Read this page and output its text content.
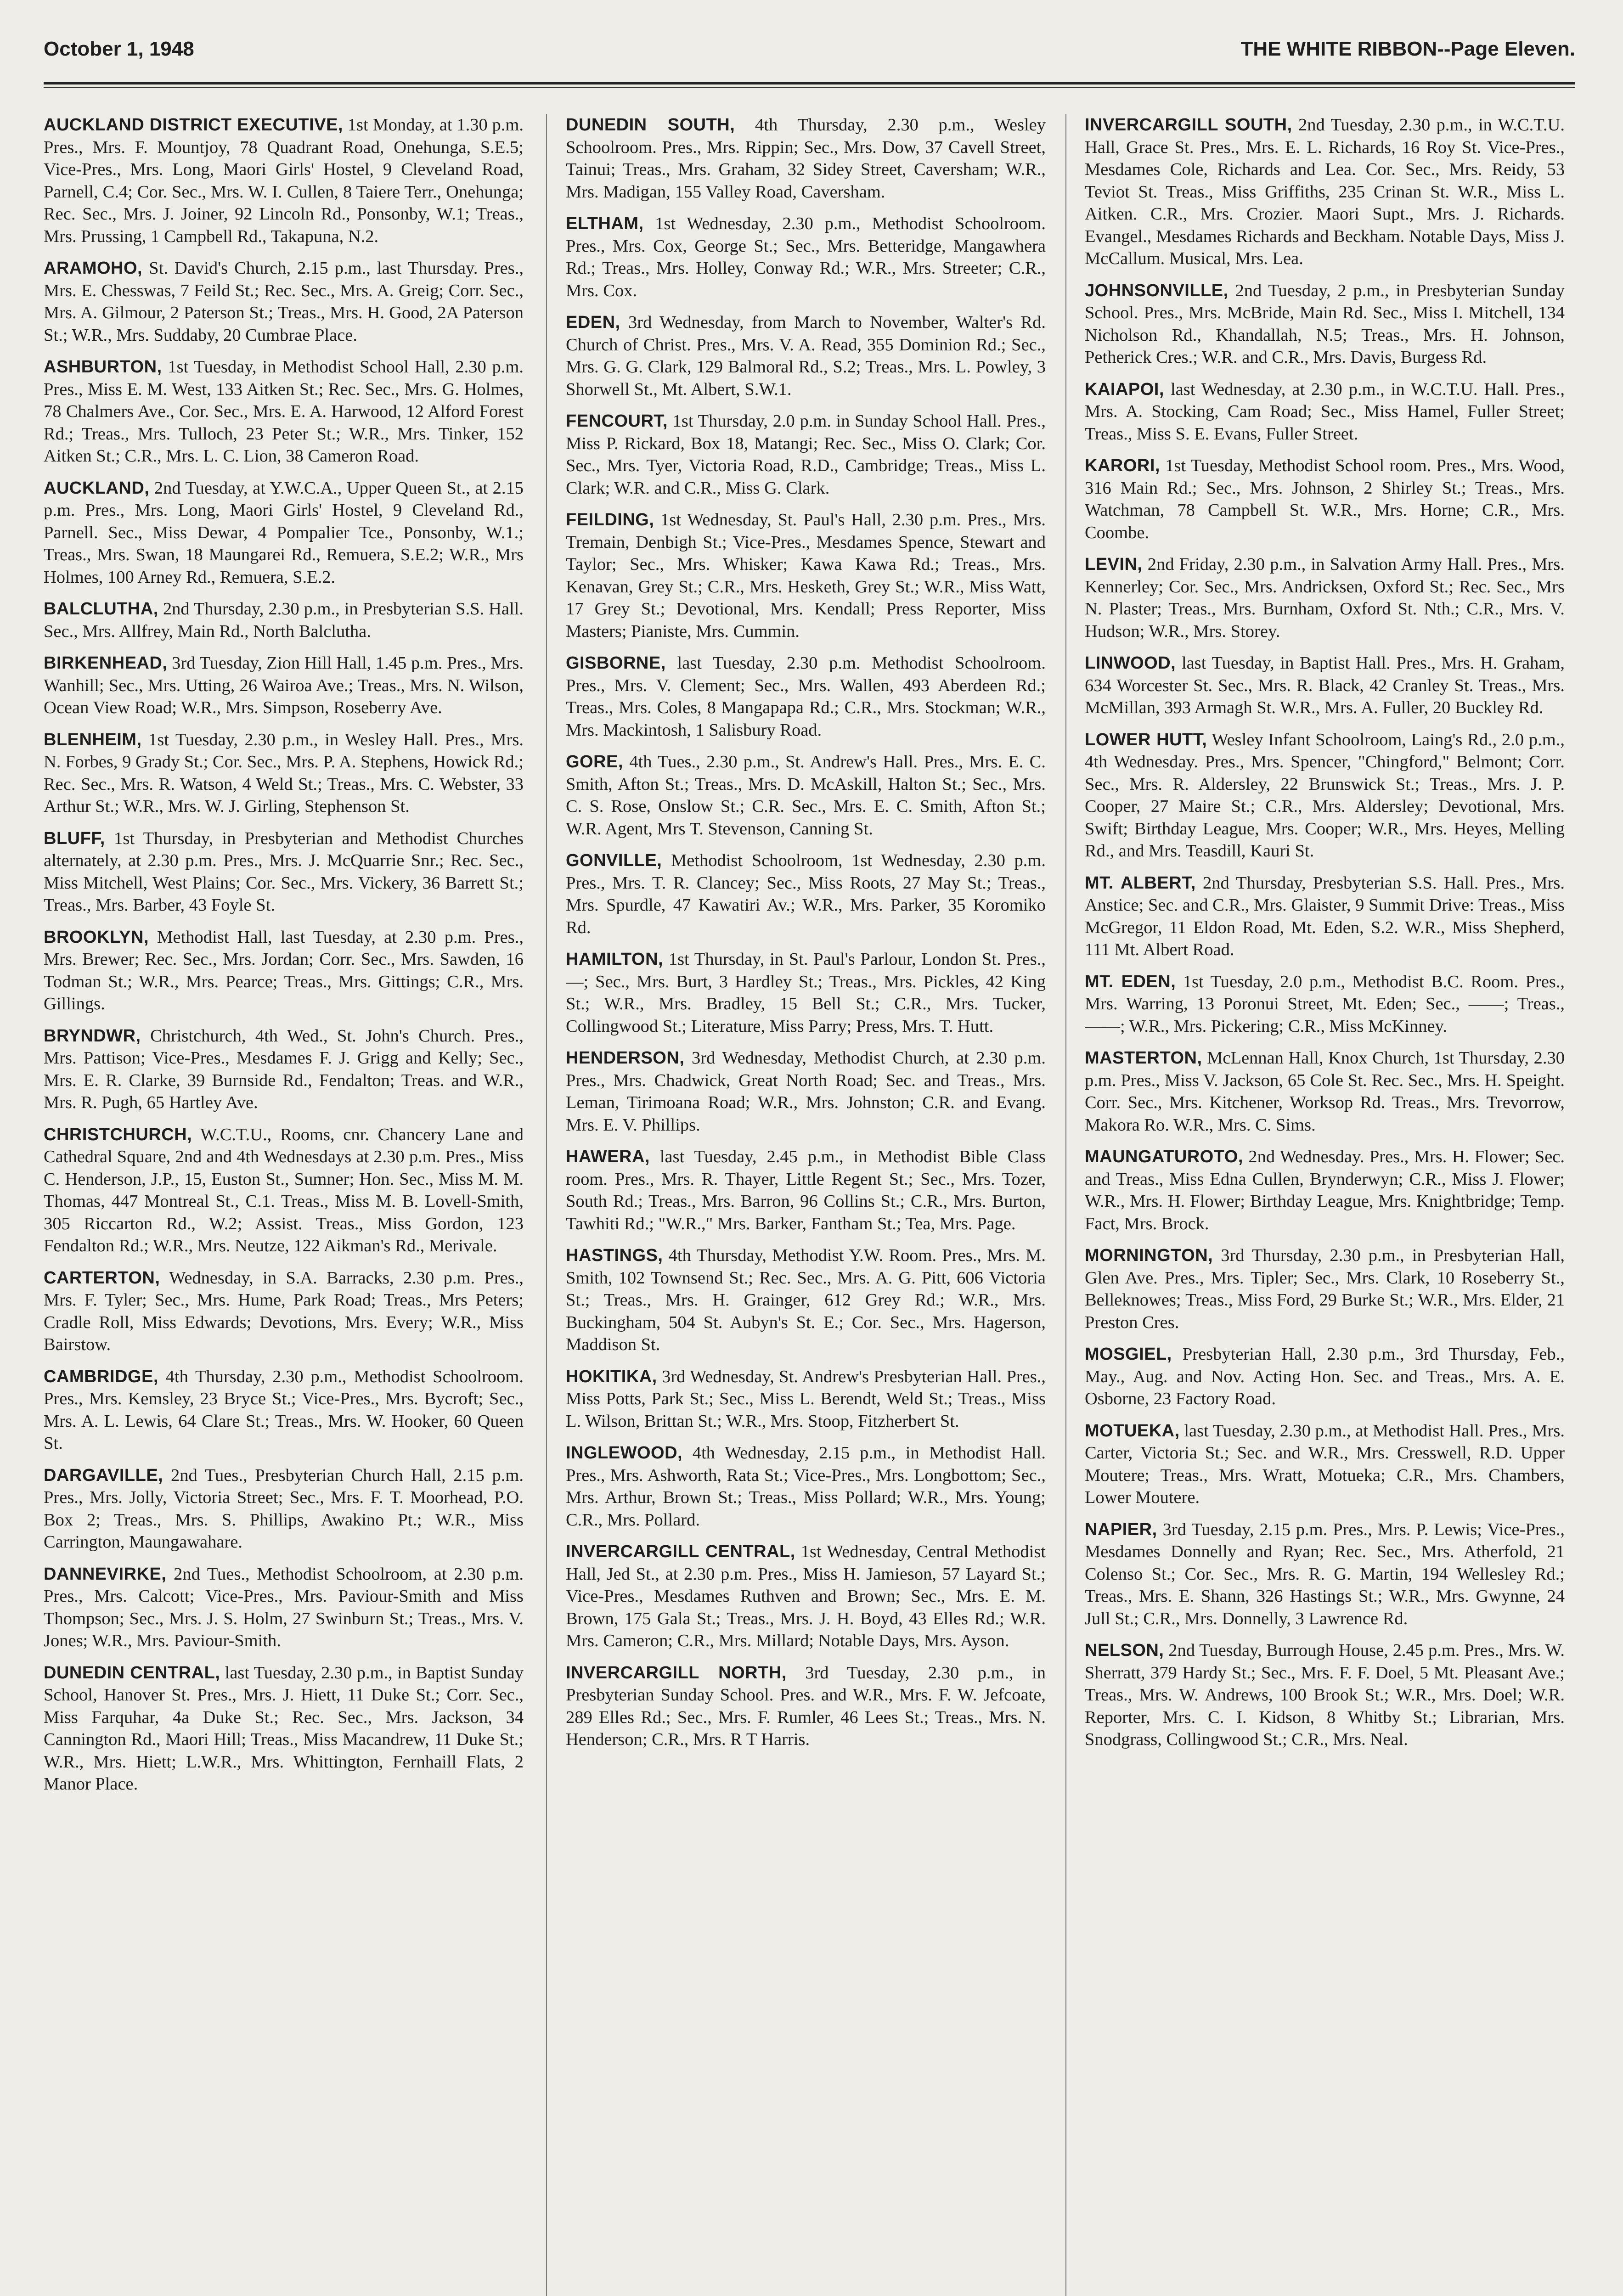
October 1, 1948	THE WHITE RIBBON--Page Eleven.

AUCKLAND DISTRICT EXECUTIVE, 1st Monday, at 1.30 p.m. Pres., Mrs. F. Mountjoy, 78 Quadrant Road, Onehunga, S.E.5; Vice-Pres., Mrs. Long, Maori Girls' Hostel, 9 Cleveland Road, Parnell, C.4; Cor. Sec., Mrs. W. I. Cullen, 8 Taiere Terr., Onehunga; Rec. Sec., Mrs. J. Joiner, 92 Lincoln Rd., Ponsonby, W.1; Treas., Mrs. Prussing, 1 Campbell Rd., Takapuna, N.2.

ARAMOHO, St. David's Church, 2.15 p.m., last Thursday. Pres., Mrs. E. Chesswas, 7 Feild St.; Rec. Sec., Mrs. A. Greig; Corr. Sec., Mrs. A. Gilmour, 2 Paterson St.; Treas., Mrs. H. Good, 2A Paterson St.; W.R., Mrs. Suddaby, 20 Cumbrae Place.

ASHBURTON, 1st Tuesday, in Methodist School Hall, 2.30 p.m. Pres., Miss E. M. West, 133 Aitken St.; Rec. Sec., Mrs. G. Holmes, 78 Chalmers Ave., Cor. Sec., Mrs. E. A. Harwood, 12 Alford Forest Rd.; Treas., Mrs. Tulloch, 23 Peter St.; W.R., Mrs. Tinker, 152 Aitken St.; C.R., Mrs. L. C. Lion, 38 Cameron Road.

AUCKLAND, 2nd Tuesday, at Y.W.C.A., Upper Queen St., at 2.15 p.m. Pres., Mrs. Long, Maori Girls' Hostel, 9 Cleveland Rd., Parnell. Sec., Miss Dewar, 4 Pompalier Tce., Ponsonby, W.1.; Treas., Mrs. Swan, 18 Maungarei Rd., Remuera, S.E.2; W.R., Mrs Holmes, 100 Arney Rd., Remuera, S.E.2.

BALCLUTHA, 2nd Thursday, 2.30 p.m., in Presbyterian S.S. Hall. Sec., Mrs. Allfrey, Main Rd., North Balclutha.

BIRKENHEAD, 3rd Tuesday, Zion Hill Hall, 1.45 p.m. Pres., Mrs. Wanhill; Sec., Mrs. Utting, 26 Wairoa Ave.; Treas., Mrs. N. Wilson, Ocean View Road; W.R., Mrs. Simpson, Roseberry Ave.

BLENHEIM, 1st Tuesday, 2.30 p.m., in Wesley Hall. Pres., Mrs. N. Forbes, 9 Grady St.; Cor. Sec., Mrs. P. A. Stephens, Howick Rd.; Rec. Sec., Mrs. R. Watson, 4 Weld St.; Treas., Mrs. C. Webster, 33 Arthur St.; W.R., Mrs. W. J. Girling, Stephenson St.

BLUFF, 1st Thursday, in Presbyterian and Methodist Churches alternately, at 2.30 p.m. Pres., Mrs. J. McQuarrie Snr.; Rec. Sec., Miss Mitchell, West Plains; Cor. Sec., Mrs. Vickery, 36 Barrett St.; Treas., Mrs. Barber, 43 Foyle St.

BROOKLYN, Methodist Hall, last Tuesday, at 2.30 p.m. Pres., Mrs. Brewer; Rec. Sec., Mrs. Jordan; Corr. Sec., Mrs. Sawden, 16 Todman St.; W.R., Mrs. Pearce; Treas., Mrs. Gittings; C.R., Mrs. Gillings.

BRYNDWR, Christchurch, 4th Wed., St. John's Church. Pres., Mrs. Pattison; Vice-Pres., Mesdames F. J. Grigg and Kelly; Sec., Mrs. E. R. Clarke, 39 Burnside Rd., Fendalton; Treas. and W.R., Mrs. R. Pugh, 65 Hartley Ave.

CHRISTCHURCH, W.C.T.U., Rooms, cnr. Chancery Lane and Cathedral Square, 2nd and 4th Wednesdays at 2.30 p.m. Pres., Miss C. Henderson, J.P., 15, Euston St., Sumner; Hon. Sec., Miss M. M. Thomas, 447 Montreal St., C.1. Treas., Miss M. B. Lovell-Smith, 305 Riccarton Rd., W.2; Assist. Treas., Miss Gordon, 123 Fendalton Rd.; W.R., Mrs. Neutze, 122 Aikman's Rd., Merivale.

CARTERTON, Wednesday, in S.A. Barracks, 2.30 p.m. Pres., Mrs. F. Tyler; Sec., Mrs. Hume, Park Road; Treas., Mrs Peters; Cradle Roll, Miss Edwards; Devotions, Mrs. Every; W.R., Miss Bairstow.

CAMBRIDGE, 4th Thursday, 2.30 p.m., Methodist Schoolroom. Pres., Mrs. Kemsley, 23 Bryce St.; Vice-Pres., Mrs. Bycroft; Sec., Mrs. A. L. Lewis, 64 Clare St.; Treas., Mrs. W. Hooker, 60 Queen St.

DARGAVILLE, 2nd Tues., Presbyterian Church Hall, 2.15 p.m. Pres., Mrs. Jolly, Victoria Street; Sec., Mrs. F. T. Moorhead, P.O. Box 2; Treas., Mrs. S. Phillips, Awakino Pt.; W.R., Miss Carrington, Maungawahare.

DANNEVIRKE, 2nd Tues., Methodist Schoolroom, at 2.30 p.m. Pres., Mrs. Calcott; Vice-Pres., Mrs. Paviour-Smith and Miss Thompson; Sec., Mrs. J. S. Holm, 27 Swinburn St.; Treas., Mrs. V. Jones; W.R., Mrs. Paviour-Smith.

DUNEDIN CENTRAL, last Tuesday, 2.30 p.m., in Baptist Sunday School, Hanover St. Pres., Mrs. J. Hiett, 11 Duke St.; Corr. Sec., Miss Farquhar, 4a Duke St.; Rec. Sec., Mrs. Jackson, 34 Cannington Rd., Maori Hill; Treas., Miss Macandrew, 11 Duke St.; W.R., Mrs. Hiett; L.W.R., Mrs. Whittington, Fernhaill Flats, 2 Manor Place.

DUNEDIN SOUTH, 4th Thursday, 2.30 p.m., Wesley Schoolroom. Pres., Mrs. Rippin; Sec., Mrs. Dow, 37 Cavell Street, Tainui; Treas., Mrs. Graham, 32 Sidey Street, Caversham; W.R., Mrs. Madigan, 155 Valley Road, Caversham.

ELTHAM, 1st Wednesday, 2.30 p.m., Methodist Schoolroom. Pres., Mrs. Cox, George St.; Sec., Mrs. Betteridge, Mangawhera Rd.; Treas., Mrs. Holley, Conway Rd.; W.R., Mrs. Streeter; C.R., Mrs. Cox.

EDEN, 3rd Wednesday, from March to November, Walter's Rd. Church of Christ. Pres., Mrs. V. A. Read, 355 Dominion Rd.; Sec., Mrs. G. G. Clark, 129 Balmoral Rd., S.2; Treas., Mrs. L. Powley, 3 Shorwell St., Mt. Albert, S.W.1.

FENCOURT, 1st Thursday, 2.0 p.m. in Sunday School Hall. Pres., Miss P. Rickard, Box 18, Matangi; Rec. Sec., Miss O. Clark; Cor. Sec., Mrs. Tyer, Victoria Road, R.D., Cambridge; Treas., Miss L. Clark; W.R. and C.R., Miss G. Clark.

FEILDING, 1st Wednesday, St. Paul's Hall, 2.30 p.m. Pres., Mrs. Tremain, Denbigh St.; Vice-Pres., Mesdames Spence, Stewart and Taylor; Sec., Mrs. Whisker; Kawa Kawa Rd.; Treas., Mrs. Kenavan, Grey St.; C.R., Mrs. Hesketh, Grey St.; W.R., Miss Watt, 17 Grey St.; Devotional, Mrs. Kendall; Press Reporter, Miss Masters; Pianiste, Mrs. Cummin.

GISBORNE, last Tuesday, 2.30 p.m. Methodist Schoolroom. Pres., Mrs. V. Clement; Sec., Mrs. Wallen, 493 Aberdeen Rd.; Treas., Mrs. Coles, 8 Mangapapa Rd.; C.R., Mrs. Stockman; W.R., Mrs. Mackintosh, 1 Salisbury Road.

GORE, 4th Tues., 2.30 p.m., St. Andrew's Hall. Pres., Mrs. E. C. Smith, Afton St.; Treas., Mrs. D. McAskill, Halton St.; Sec., Mrs. C. S. Rose, Onslow St.; C.R. Sec., Mrs. E. C. Smith, Afton St.; W.R. Agent, Mrs T. Stevenson, Canning St.

GONVILLE, Methodist Schoolroom, 1st Wednesday, 2.30 p.m. Pres., Mrs. T. R. Clancey; Sec., Miss Roots, 27 May St.; Treas., Mrs. Spurdle, 47 Kawatiri Av.; W.R., Mrs. Parker, 35 Koromiko Rd.

HAMILTON, 1st Thursday, in St. Paul's Parlour, London St. Pres., —; Sec., Mrs. Burt, 3 Hardley St.; Treas., Mrs. Pickles, 42 King St.; W.R., Mrs. Bradley, 15 Bell St.; C.R., Mrs. Tucker, Collingwood St.; Literature, Miss Parry; Press, Mrs. T. Hutt.

HENDERSON, 3rd Wednesday, Methodist Church, at 2.30 p.m. Pres., Mrs. Chadwick, Great North Road; Sec. and Treas., Mrs. Leman, Tirimoana Road; W.R., Mrs. Johnston; C.R. and Evang. Mrs. E. V. Phillips.

HAWERA, last Tuesday, 2.45 p.m., in Methodist Bible Class room. Pres., Mrs. R. Thayer, Little Regent St.; Sec., Mrs. Tozer, South Rd.; Treas., Mrs. Barron, 96 Collins St.; C.R., Mrs. Burton, Tawhiti Rd.; "W.R.," Mrs. Barker, Fantham St.; Tea, Mrs. Page.

HASTINGS, 4th Thursday, Methodist Y.W. Room. Pres., Mrs. M. Smith, 102 Townsend St.; Rec. Sec., Mrs. A. G. Pitt, 606 Victoria St.; Treas., Mrs. H. Grainger, 612 Grey Rd.; W.R., Mrs. Buckingham, 504 St. Aubyn's St. E.; Cor. Sec., Mrs. Hagerson, Maddison St.

HOKITIKA, 3rd Wednesday, St. Andrew's Presbyterian Hall. Pres., Miss Potts, Park St.; Sec., Miss L. Berendt, Weld St.; Treas., Miss L. Wilson, Brittan St.; W.R., Mrs. Stoop, Fitzherbert St.

INGLEWOOD, 4th Wednesday, 2.15 p.m., in Methodist Hall. Pres., Mrs. Ashworth, Rata St.; Vice-Pres., Mrs. Longbottom; Sec., Mrs. Arthur, Brown St.; Treas., Miss Pollard; W.R., Mrs. Young; C.R., Mrs. Pollard.

INVERCARGILL CENTRAL, 1st Wednesday, Central Methodist Hall, Jed St., at 2.30 p.m. Pres., Miss H. Jamieson, 57 Layard St.; Vice-Pres., Mesdames Ruthven and Brown; Sec., Mrs. E. M. Brown, 175 Gala St.; Treas., Mrs. J. H. Boyd, 43 Elles Rd.; W.R. Mrs. Cameron; C.R., Mrs. Millard; Notable Days, Mrs. Ayson.

INVERCARGILL NORTH, 3rd Tuesday, 2.30 p.m., in Presbyterian Sunday School. Pres. and W.R., Mrs. F. W. Jefcoate, 289 Elles Rd.; Sec., Mrs. F. Rumler, 46 Lees St.; Treas., Mrs. N. Henderson; C.R., Mrs. R T Harris.

INVERCARGILL SOUTH, 2nd Tuesday, 2.30 p.m., in W.C.T.U. Hall, Grace St. Pres., Mrs. E. L. Richards, 16 Roy St. Vice-Pres., Mesdames Cole, Richards and Lea. Cor. Sec., Mrs. Reidy, 53 Teviot St. Treas., Miss Griffiths, 235 Crinan St. W.R., Miss L. Aitken. C.R., Mrs. Crozier. Maori Supt., Mrs. J. Richards. Evangel., Mesdames Richards and Beckham. Notable Days, Miss J. McCallum. Musical, Mrs. Lea.

JOHNSONVILLE, 2nd Tuesday, 2 p.m., in Presbyterian Sunday School. Pres., Mrs. McBride, Main Rd. Sec., Miss I. Mitchell, 134 Nicholson Rd., Khandallah, N.5; Treas., Mrs. H. Johnson, Petherick Cres.; W.R. and C.R., Mrs. Davis, Burgess Rd.

KAIAPOI, last Wednesday, at 2.30 p.m., in W.C.T.U. Hall. Pres., Mrs. A. Stocking, Cam Road; Sec., Miss Hamel, Fuller Street; Treas., Miss S. E. Evans, Fuller Street.

KARORI, 1st Tuesday, Methodist School room. Pres., Mrs. Wood, 316 Main Rd.; Sec., Mrs. Johnson, 2 Shirley St.; Treas., Mrs. Watchman, 78 Campbell St. W.R., Mrs. Horne; C.R., Mrs. Coombe.

LEVIN, 2nd Friday, 2.30 p.m., in Salvation Army Hall. Pres., Mrs. Kennerley; Cor. Sec., Mrs. Andricksen, Oxford St.; Rec. Sec., Mrs N. Plaster; Treas., Mrs. Burnham, Oxford St. Nth.; C.R., Mrs. V. Hudson; W.R., Mrs. Storey.

LINWOOD, last Tuesday, in Baptist Hall. Pres., Mrs. H. Graham, 634 Worcester St. Sec., Mrs. R. Black, 42 Cranley St. Treas., Mrs. McMillan, 393 Armagh St. W.R., Mrs. A. Fuller, 20 Buckley Rd.

LOWER HUTT, Wesley Infant Schoolroom, Laing's Rd., 2.0 p.m., 4th Wednesday. Pres., Mrs. Spencer, "Chingford," Belmont; Corr. Sec., Mrs. R. Aldersley, 22 Brunswick St.; Treas., Mrs. J. P. Cooper, 27 Maire St.; C.R., Mrs. Aldersley; Devotional, Mrs. Swift; Birthday League, Mrs. Cooper; W.R., Mrs. Heyes, Melling Rd., and Mrs. Teasdill, Kauri St.

MT. ALBERT, 2nd Thursday, Presbyterian S.S. Hall. Pres., Mrs. Anstice; Sec. and C.R., Mrs. Glaister, 9 Summit Drive: Treas., Miss McGregor, 11 Eldon Road, Mt. Eden, S.2. W.R., Miss Shepherd, 111 Mt. Albert Road.

MT. EDEN, 1st Tuesday, 2.0 p.m., Methodist B.C. Room. Pres., Mrs. Warring, 13 Poronui Street, Mt. Eden; Sec., ——; Treas., ——; W.R., Mrs. Pickering; C.R., Miss McKinney.

MASTERTON, McLennan Hall, Knox Church, 1st Thursday, 2.30 p.m. Pres., Miss V. Jackson, 65 Cole St. Rec. Sec., Mrs. H. Speight. Corr. Sec., Mrs. Kitchener, Worksop Rd. Treas., Mrs. Trevorrow, Makora Ro. W.R., Mrs. C. Sims.

MAUNGATUROTO, 2nd Wednesday. Pres., Mrs. H. Flower; Sec. and Treas., Miss Edna Cullen, Brynderwyn; C.R., Miss J. Flower; W.R., Mrs. H. Flower; Birthday League, Mrs. Knightbridge; Temp. Fact, Mrs. Brock.

MORNINGTON, 3rd Thursday, 2.30 p.m., in Presbyterian Hall, Glen Ave. Pres., Mrs. Tipler; Sec., Mrs. Clark, 10 Roseberry St., Belleknowes; Treas., Miss Ford, 29 Burke St.; W.R., Mrs. Elder, 21 Preston Cres.

MOSGIEL, Presbyterian Hall, 2.30 p.m., 3rd Thursday, Feb., May., Aug. and Nov. Acting Hon. Sec. and Treas., Mrs. A. E. Osborne, 23 Factory Road.

MOTUEKA, last Tuesday, 2.30 p.m., at Methodist Hall. Pres., Mrs. Carter, Victoria St.; Sec. and W.R., Mrs. Cresswell, R.D. Upper Moutere; Treas., Mrs. Wratt, Motueka; C.R., Mrs. Chambers, Lower Moutere.

NAPIER, 3rd Tuesday, 2.15 p.m. Pres., Mrs. P. Lewis; Vice-Pres., Mesdames Donnelly and Ryan; Rec. Sec., Mrs. Atherfold, 21 Colenso St.; Cor. Sec., Mrs. R. G. Martin, 194 Wellesley Rd.; Treas., Mrs. E. Shann, 326 Hastings St.; W.R., Mrs. Gwynne, 24 Jull St.; C.R., Mrs. Donnelly, 3 Lawrence Rd.

NELSON, 2nd Tuesday, Burrough House, 2.45 p.m. Pres., Mrs. W. Sherratt, 379 Hardy St.; Sec., Mrs. F. F. Doel, 5 Mt. Pleasant Ave.; Treas., Mrs. W. Andrews, 100 Brook St.; W.R., Mrs. Doel; W.R. Reporter, Mrs. C. I. Kidson, 8 Whitby St.; Librarian, Mrs. Snodgrass, Collingwood St.; C.R., Mrs. Neal.
